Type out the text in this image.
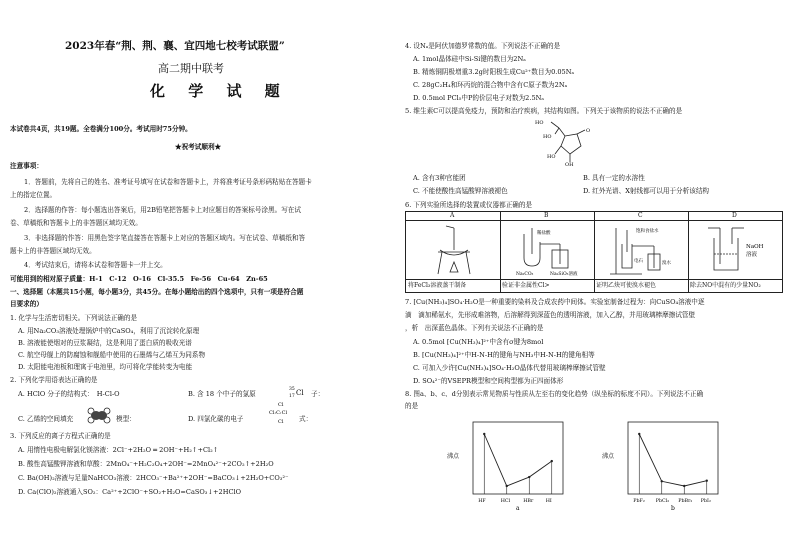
2023年春“荆、荆、襄、宜四地七校考试联盟”
高二期中联考
化 学 试 题
本试卷共4页，共19题。全卷满分100分。考试用时75分钟。
★祝考试顺利★
注意事项：
1．答题前，先将自己的姓名、准考证号填写在试卷和答题卡上，并将准考证号条形码粘贴在答题卡
上的指定位置。
2．选择题的作答：每小题选出答案后，用2B铅笔把答题卡上对应题目的答案标号涂黑。写在试
卷、草稿纸和答题卡上的非答题区域均无效。
3．非选择题的作答：用黑色签字笔直接答在答题卡上对应的答题区域内。写在试卷、草稿纸和答
题卡上的非答题区域均无效。
4．考试结束后，请将本试卷和答题卡一并上交。
可能用到的相对原子质量：H-1　C-12　O-16　Cl-35.5　Fe-56　Cu-64　Zn-65
一、选择题（本题共15小题，每小题3分，共45分。在每小题给出的四个选项中，只有一项是符合题
目要求的）
1. 化学与生活密切相关。下列说法正确的是
A. 用Na₂CO₃溶液处理锅炉中的CaSO₄，利用了沉淀转化原理
B. 溶液能使烟对的豆浆凝结，这是利用了蛋白质的吸收光谱
C. 航空母舰上的防腐蚀和舰船中使用的石墨烯与乙烯互为同系物
D. 太阳能电池板和理寓于电池里，均可将化学能转变为电能
2. 下列化学用语表达正确的是
A. HClO 分子的结构式：　H-Cl-O	B. 含 18 个中子的氯原
35
17 Cl 子：
C. 乙烯的空间填充	模型：	D. 四氯化碳的电子
Cl
Cl:C:Cl
Cl 式：
3. 下列反应的离子方程式正确的是
A. 用惰性电极电解氯化镁溶液：2Cl⁻+2H₂O ═ 2OH⁻+H₂↑+Cl₂↑
B. 酸性高锰酸钾溶液和草酸：2MnO₄⁻+H₂C₂O₄+2OH⁻=2MnO₄²⁻+2CO₂↑+2H₂O
C. Ba(OH)₂溶液与足量NaHCO₃溶液：2HCO₃⁻+Ba²⁺+2OH⁻=BaCO₃↓+2H₂O+CO₃²⁻
D. Ca(ClO)₂溶液通入SO₂：Ca²⁺+2ClO⁻+SO₂+H₂O=CaSO₃↓+2HClO
4. 设Nₐ是阿伏加德罗常数的值。下列说法不正确的是
A. 1mol晶体硅中Si-Si键的数目为2Nₐ
B. 精炼铜阴极增重3.2g时阳极生成Cu²⁺数目为0.05Nₐ
C. 28gC₂H₄和环丙烷的混合物中含有C原子数为2Nₐ
D. 0.5mol PCl₅中P的价层电子对数为2.5Nₐ
5. 维生素C可以提高免疫力，预防和治疗疾病，其结构如图。下列关于该物质的说法不正确的是
HO
HO
O
HO
OH
A. 含有3种官能团	B. 具有一定的水溶性
C. 不能使酸性高锰酸钾溶液褪色	D. 红外光谱、X射线都可以用于分析该结构
6. 下列实验所选择的装置或仪器都正确的是
A	B	C	D
稀盐酸
Na₂CO₃	Na₂SiO₃溶液
饱和食盐水
电石	溴水
NaOH
溶液
将FeCl₃溶液蒸干制备	验证非金属性Cl>	证明乙炔可使溴水褪色	除去NO中混有的少量NO₂
7. [Cu(NH₃)₄]SO₄·H₂O是一种重要的染料及合成农药中间体。实验室制备过程为：向CuSO₄溶液中逐
滴　滴加稀氨水，先形成难溶物，后溶解得到深蓝色的透明溶液，加入乙醇，并用玻璃棒摩擦试管壁
，析　出深蓝色晶体。下列有关说法不正确的是
A. 0.5mol [Cu(NH₃)₄]²⁺中含有σ键为8mol
B. [Cu(NH₃)₄]²⁺中H-N-H的键角与NH₃中H-N-H的键角相等
C. 可加入少许[Cu(NH₃)₄]SO₄·H₂O晶体代替用玻璃棒摩擦试管壁
D. SO₄²⁻的VSEPR模型和空间构型都为正四面体形
8. 图a、b、c、d分别表示常见物质与性质从左至右的变化趋势（纵坐标的标度不同）。下列说法不正确
的是
沸点
HF	HCl	HBr	HI
a
沸点
PbF₂ PbCl₂ PbBr₂ PbI₂
b
